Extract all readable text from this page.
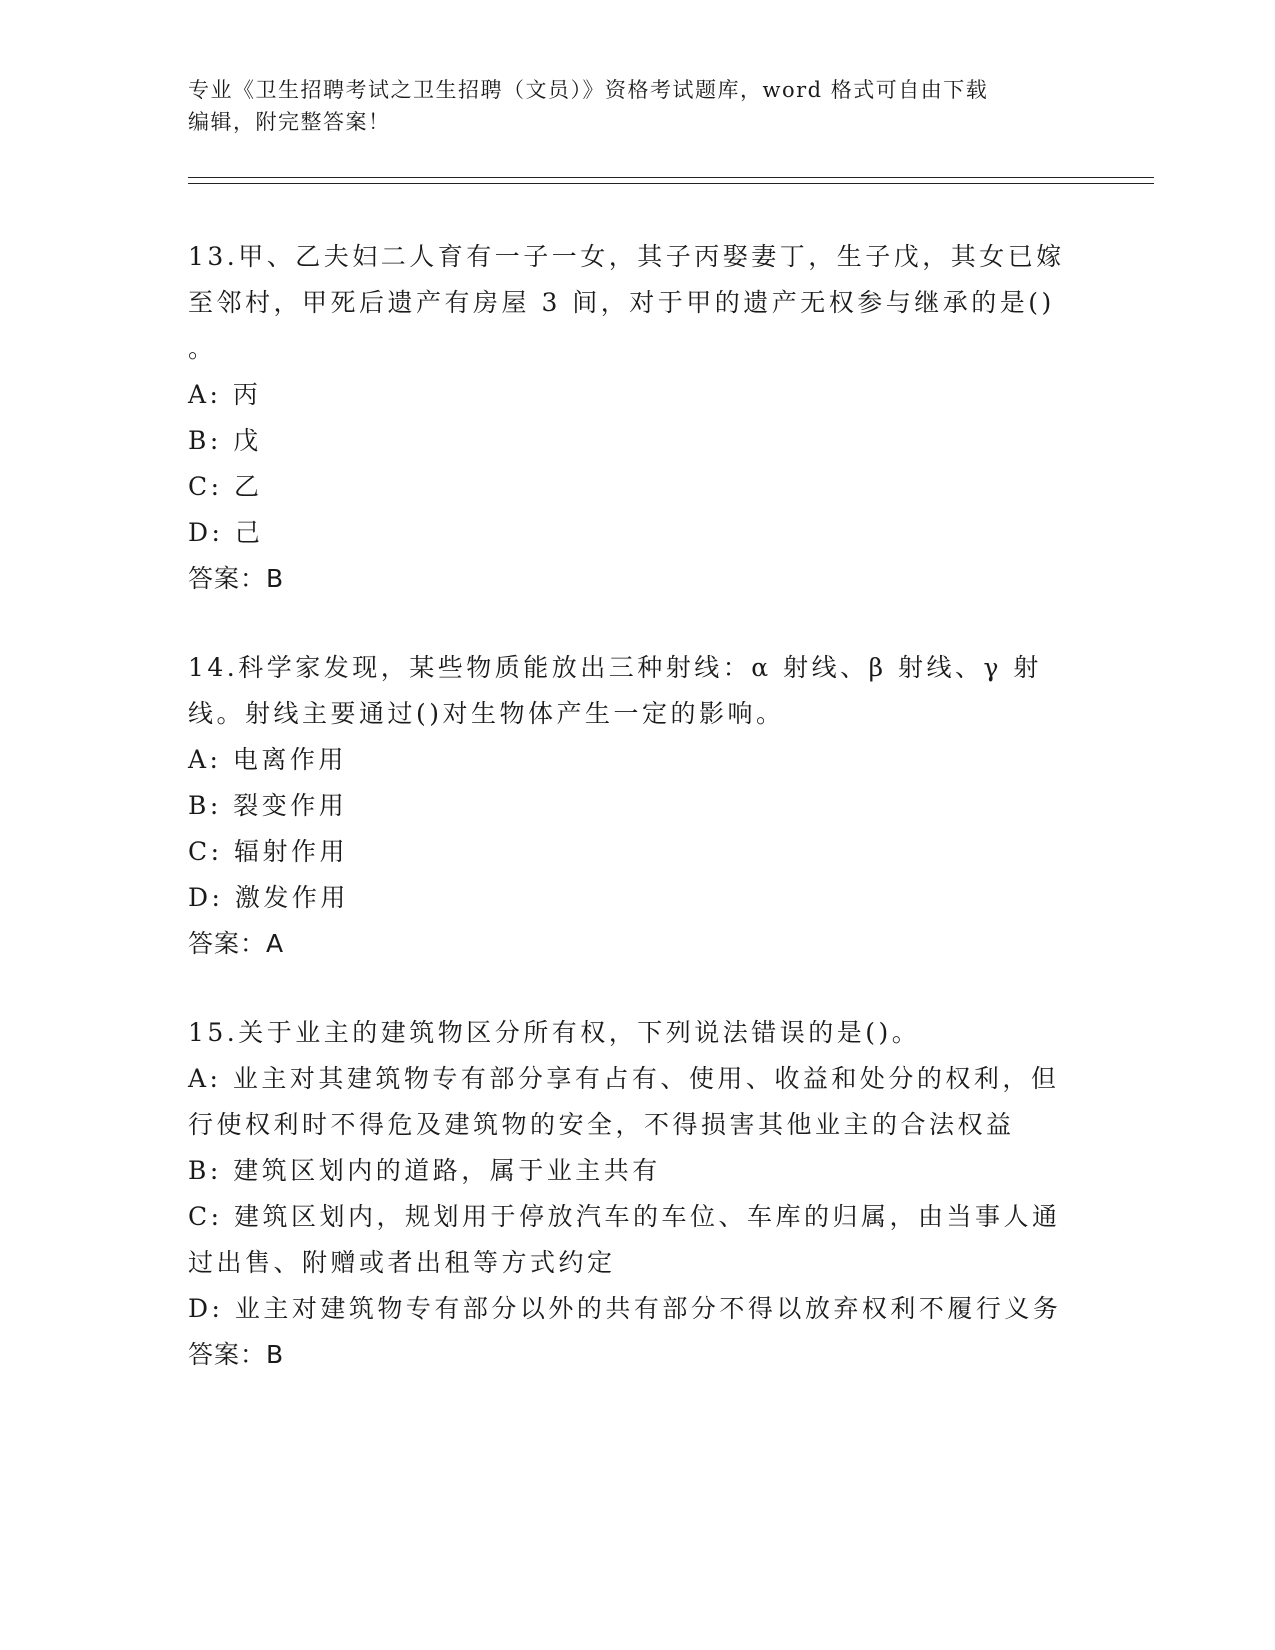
专业《卫生招聘考试之卫生招聘（文员）》资格考试题库，word 格式可自由下载
编辑，附完整答案！
13.甲、乙夫妇二人育有一子一女，其子丙娶妻丁，生子戊，其女已嫁
至邻村，甲死后遗产有房屋 3 间，对于甲的遗产无权参与继承的是()
。
A: 丙
B: 戊
C: 乙
D: 己
答案：B
14.科学家发现，某些物质能放出三种射线：α 射线、β 射线、γ 射
线。射线主要通过()对生物体产生一定的影响。
A: 电离作用
B: 裂变作用
C: 辐射作用
D: 激发作用
答案：A
15.关于业主的建筑物区分所有权，下列说法错误的是()。
A: 业主对其建筑物专有部分享有占有、使用、收益和处分的权利，但
行使权利时不得危及建筑物的安全，不得损害其他业主的合法权益
B: 建筑区划内的道路，属于业主共有
C: 建筑区划内，规划用于停放汽车的车位、车库的归属，由当事人通
过出售、附赠或者出租等方式约定
D: 业主对建筑物专有部分以外的共有部分不得以放弃权利不履行义务
答案：B
